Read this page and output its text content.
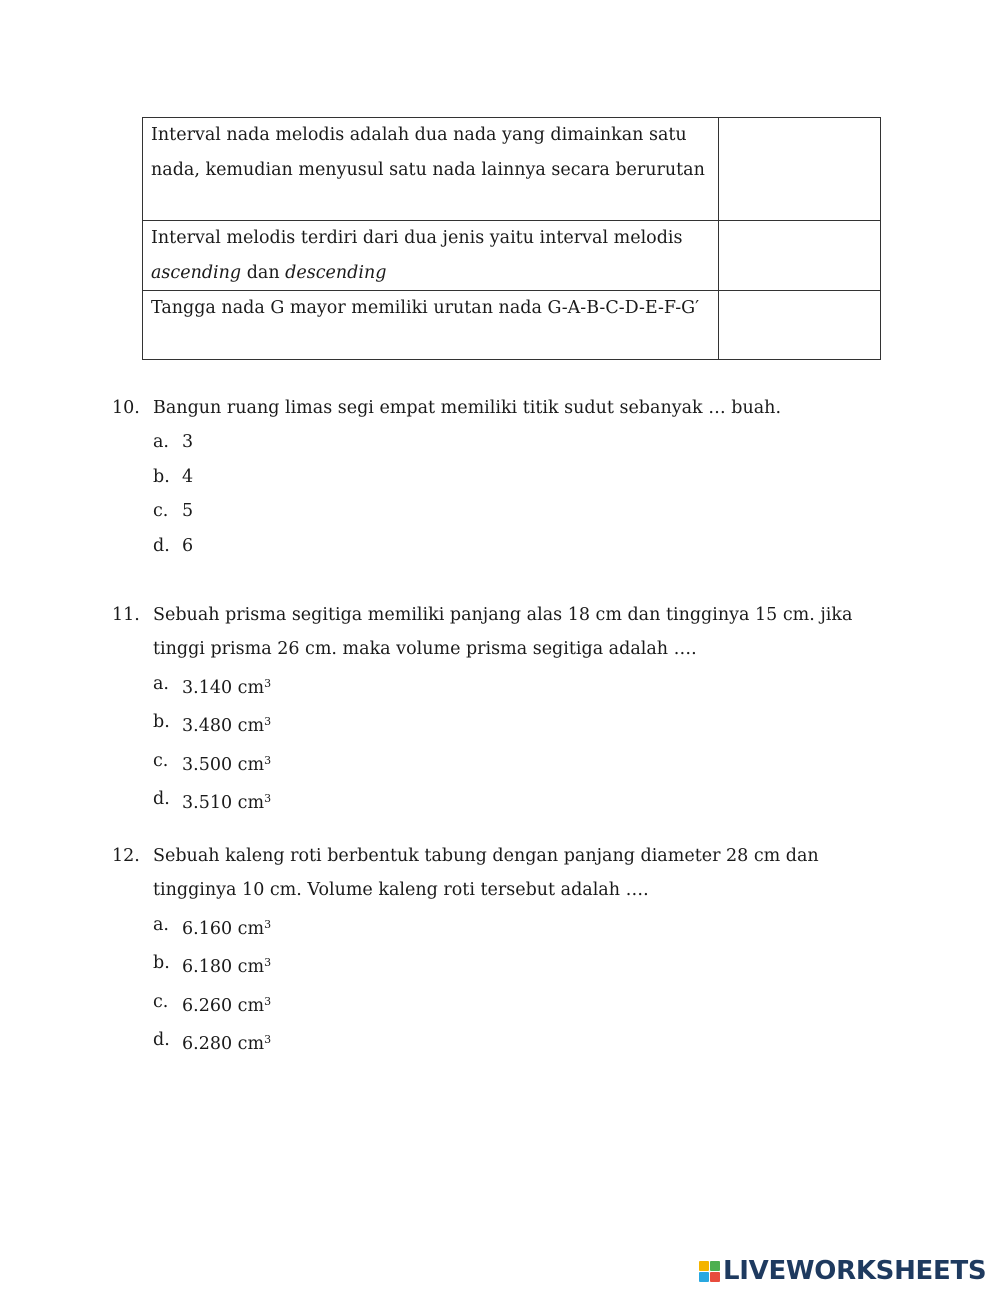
Interval nada melodis adalah dua nada yang dimainkan satu nada, kemudian menyusul satu nada lainnya secara berurutan	
Interval melodis terdiri dari dua jenis yaitu interval melodis ascending dan descending	
Tangga nada G mayor memiliki urutan nada G-A-B-C-D-E-F-G′	
10. Bangun ruang limas segi empat memiliki titik sudut sebanyak … buah.
a. 3
b. 4
c. 5
d. 6
11. Sebuah prisma segitiga memiliki panjang alas 18 cm dan tingginya 15 cm. jika tinggi prisma 26 cm. maka volume prisma segitiga adalah ….
a. 3.140 $cm^3$
b. 3.480 $cm^3$
c. 3.500 $cm^3$
d. 3.510 $cm^3$
12. Sebuah kaleng roti berbentuk tabung dengan panjang diameter 28 cm dan tingginya 10 cm. Volume kaleng roti tersebut adalah ….
a. 6.160 $cm^3$
b. 6.180 $cm^3$
c. 6.260 $cm^3$
d. 6.280 $cm^3$
LIVEWORKSHEETS
